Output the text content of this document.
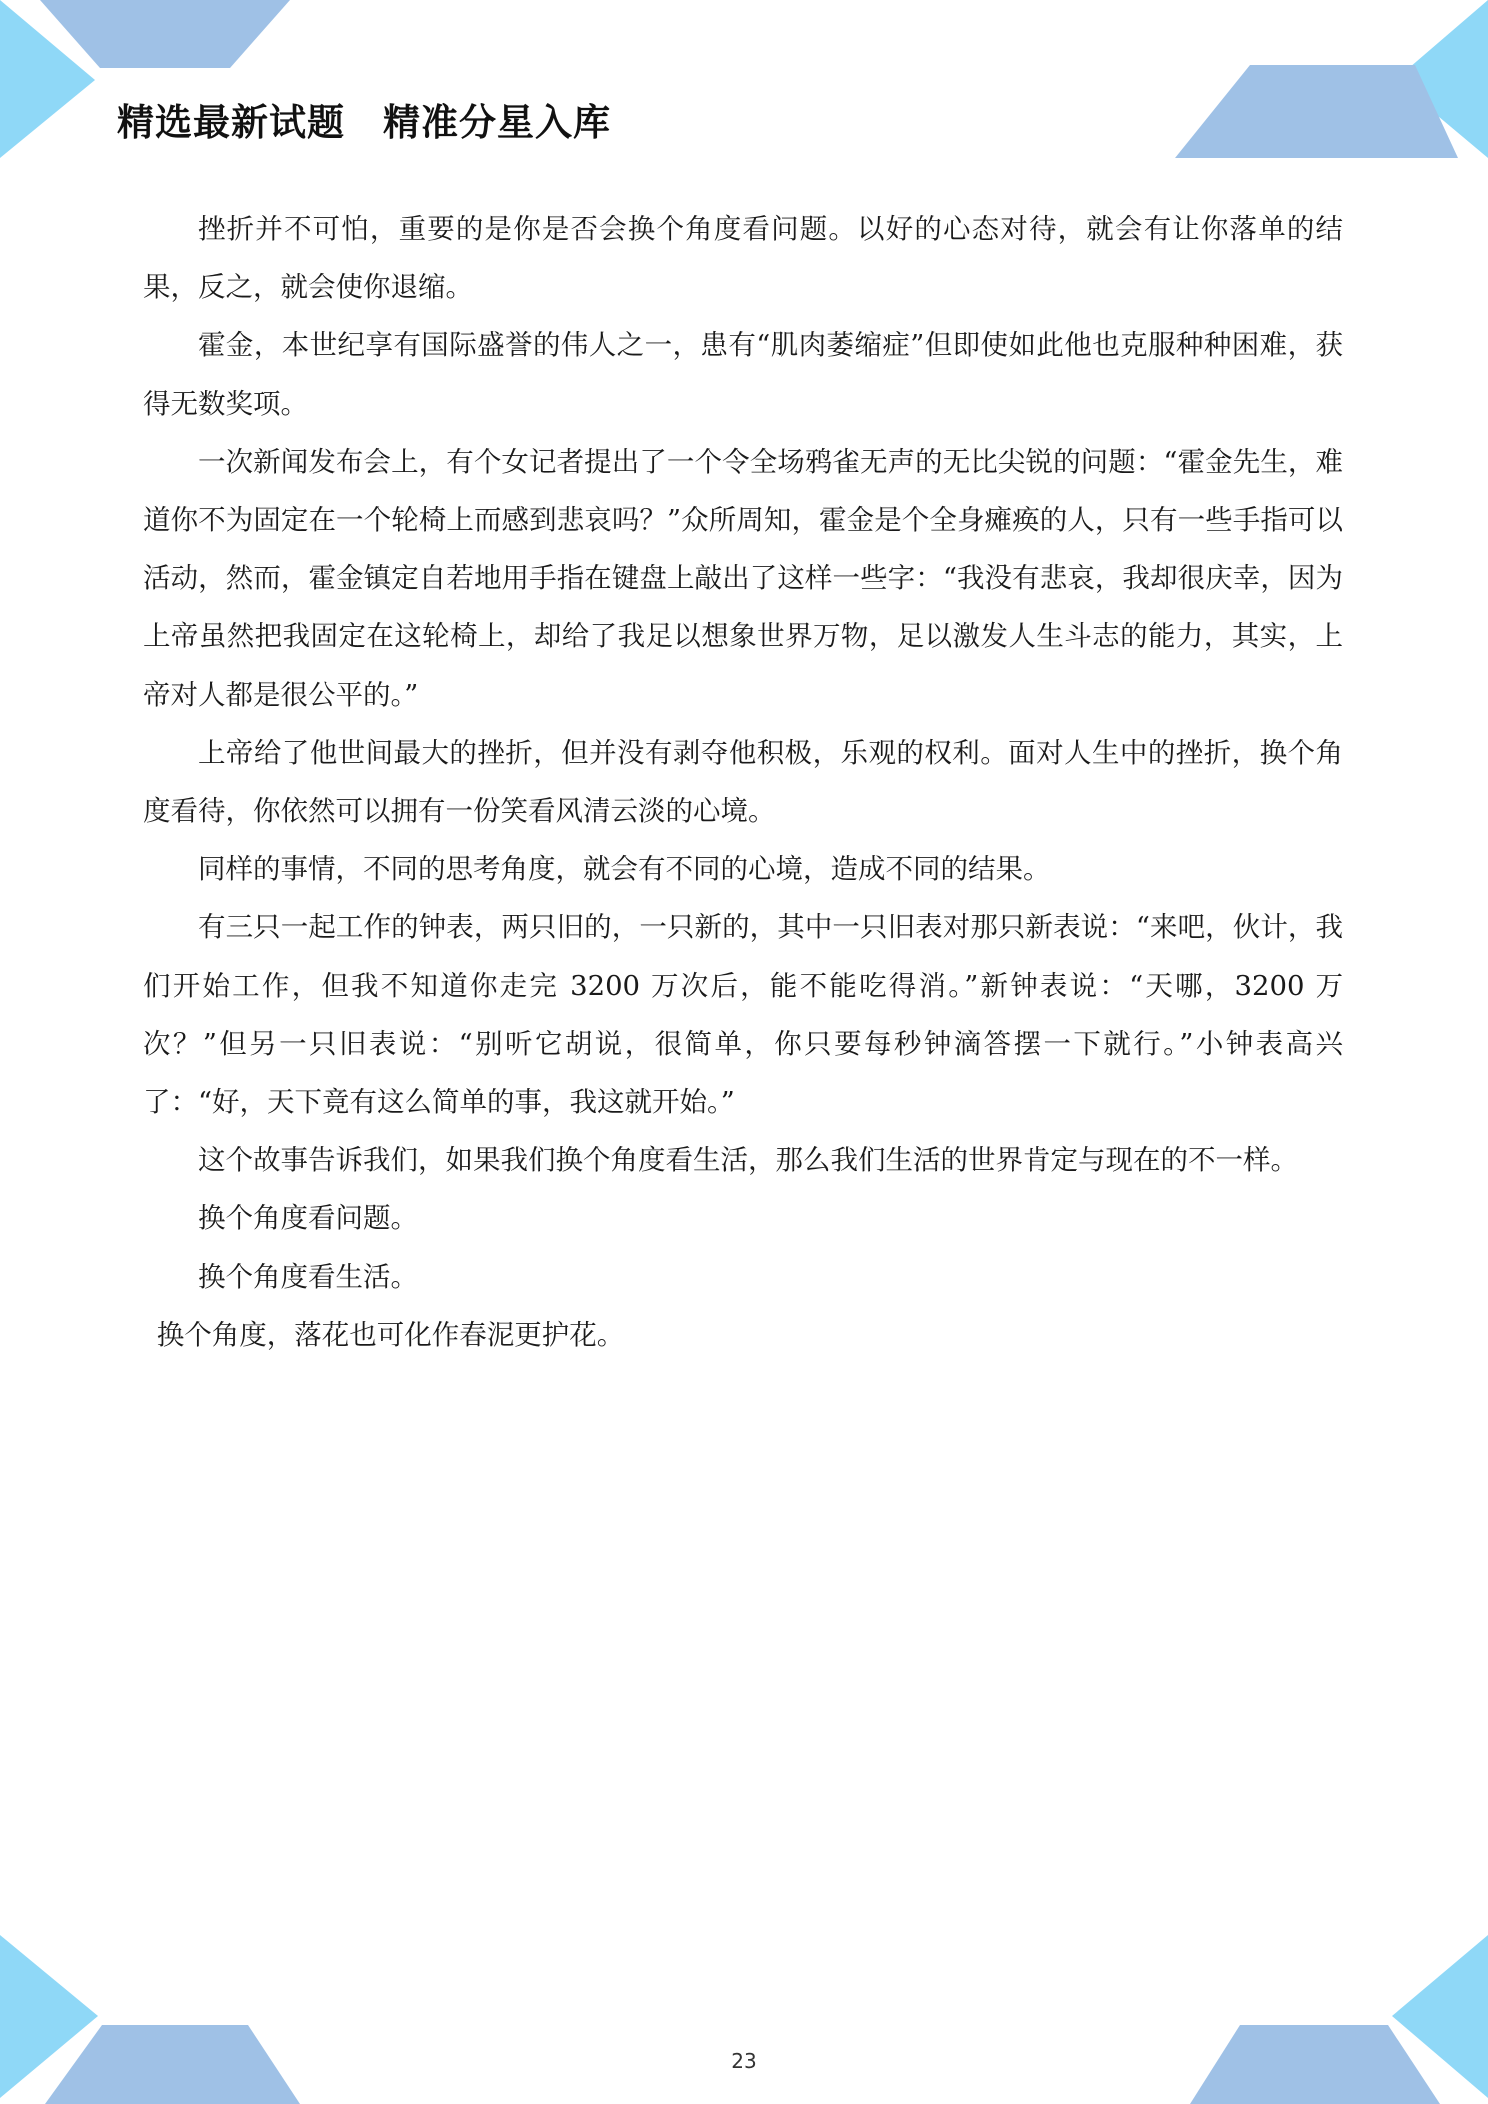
精选最新试题　精准分星入库

挫折并不可怕，重要的是你是否会换个角度看问题。以好的心态对待，就会有让你落单的结果，反之，就会使你退缩。

霍金，本世纪享有国际盛誉的伟人之一，患有“肌肉萎缩症”但即使如此他也克服种种困难，获得无数奖项。

一次新闻发布会上，有个女记者提出了一个令全场鸦雀无声的无比尖锐的问题：“霍金先生，难道你不为固定在一个轮椅上而感到悲哀吗？”众所周知，霍金是个全身瘫痪的人，只有一些手指可以活动，然而，霍金镇定自若地用手指在键盘上敲出了这样一些字：“我没有悲哀，我却很庆幸，因为上帝虽然把我固定在这轮椅上，却给了我足以想象世界万物，足以激发人生斗志的能力，其实，上帝对人都是很公平的。”

上帝给了他世间最大的挫折，但并没有剥夺他积极，乐观的权利。面对人生中的挫折，换个角度看待，你依然可以拥有一份笑看风清云淡的心境。

同样的事情，不同的思考角度，就会有不同的心境，造成不同的结果。

有三只一起工作的钟表，两只旧的，一只新的，其中一只旧表对那只新表说：“来吧，伙计，我们开始工作，但我不知道你走完 3200 万次后，能不能吃得消。”新钟表说：“天哪，3200 万次？”但另一只旧表说：“别听它胡说，很简单，你只要每秒钟滴答摆一下就行。”小钟表高兴了：“好，天下竟有这么简单的事，我这就开始。”

这个故事告诉我们，如果我们换个角度看生活，那么我们生活的世界肯定与现在的不一样。

换个角度看问题。

换个角度看生活。

换个角度，落花也可化作春泥更护花。

23
